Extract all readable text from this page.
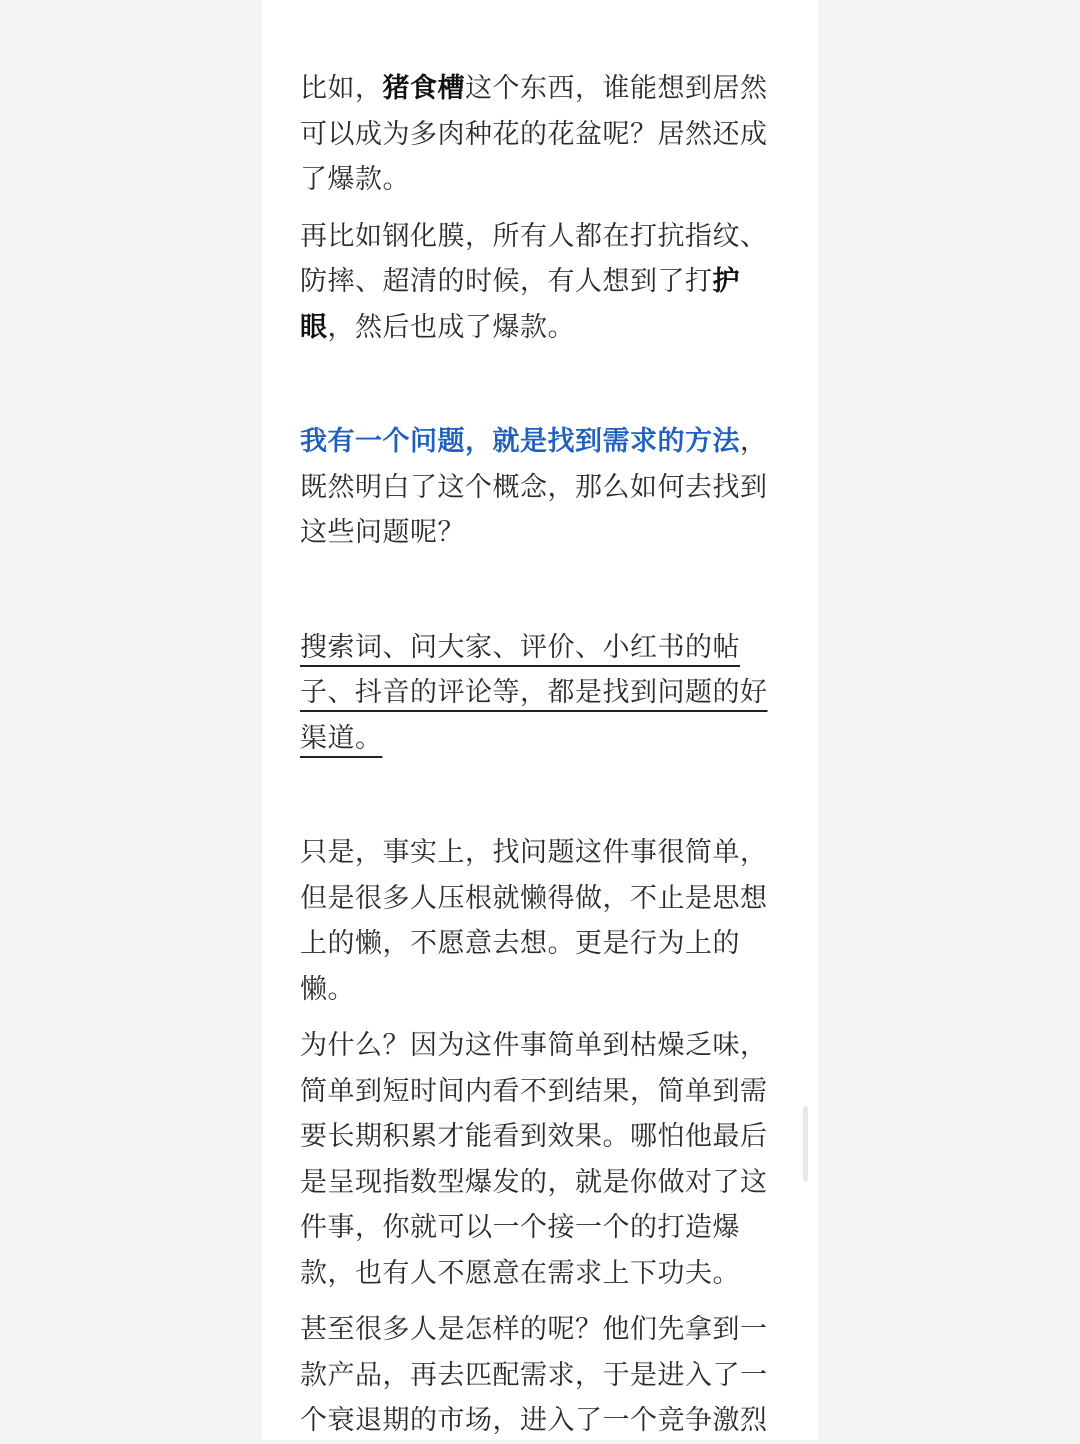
比如，猪食槽这个东西，谁能想到居然可以成为多肉种花的花盆呢？居然还成了爆款。

再比如钢化膜，所有人都在打抗指纹、防摔、超清的时候，有人想到了打护眼，然后也成了爆款。

我有一个问题，就是找到需求的方法，既然明白了这个概念，那么如何去找到这些问题呢？

搜索词、问大家、评价、小红书的帖子、抖音的评论等，都是找到问题的好渠道。

只是，事实上，找问题这件事很简单，但是很多人压根就懒得做，不止是思想上的懒，不愿意去想。更是行为上的懒。

为什么？因为这件事简单到枯燥乏味，简单到短时间内看不到结果，简单到需要长期积累才能看到效果。哪怕他最后是呈现指数型爆发的，就是你做对了这件事，你就可以一个接一个的打造爆款，也有人不愿意在需求上下功夫。

甚至很多人是怎样的呢？他们先拿到一款产品，再去匹配需求，于是进入了一个衰退期的市场，进入了一个竞争激烈
